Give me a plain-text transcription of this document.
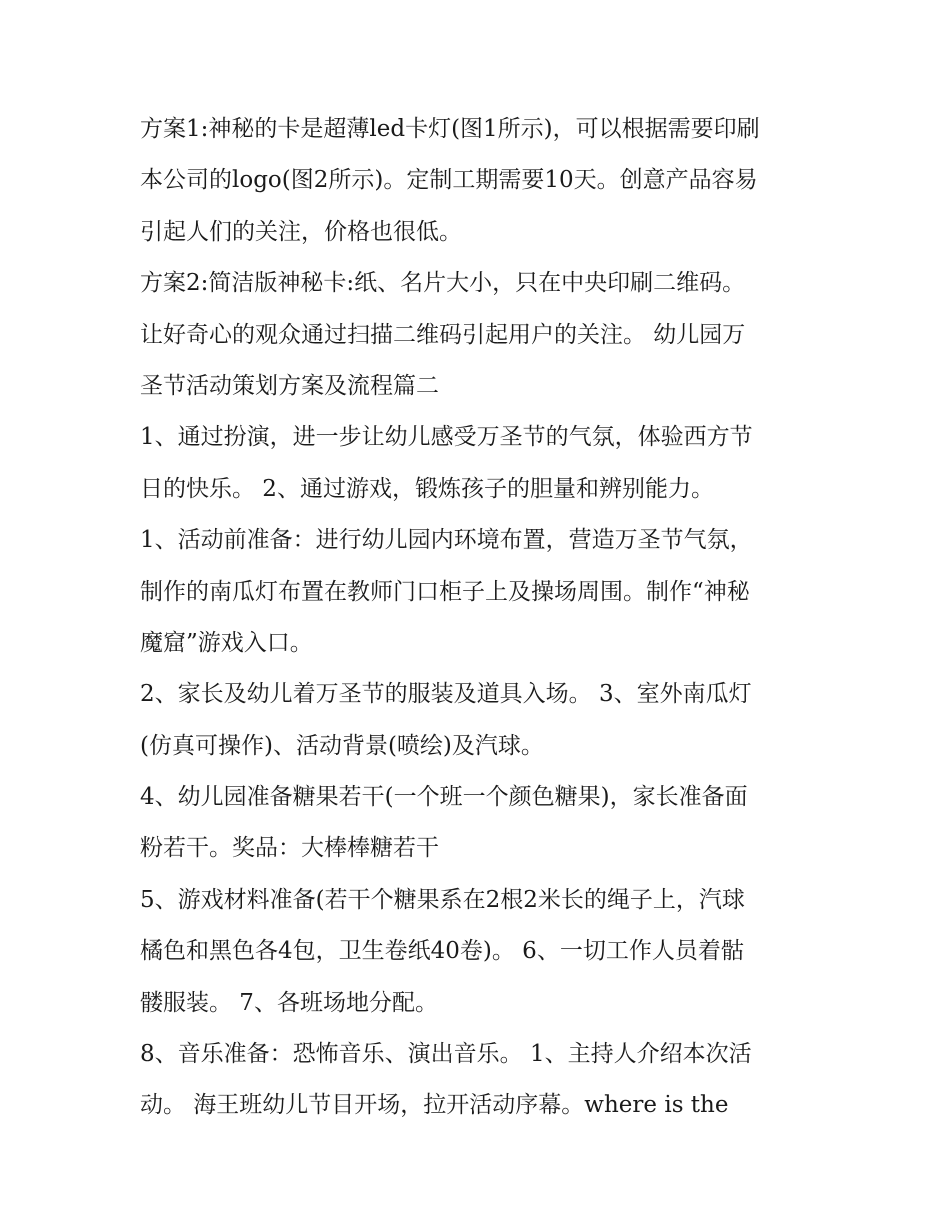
方案1:神秘的卡是超薄led卡灯(图1所示)，可以根据需要印刷
本公司的logo(图2所示)。定制工期需要10天。创意产品容易
引起人们的关注，价格也很低。
方案2:简洁版神秘卡:纸、名片大小，只在中央印刷二维码。
让好奇心的观众通过扫描二维码引起用户的关注。 幼儿园万
圣节活动策划方案及流程篇二
1、通过扮演，进一步让幼儿感受万圣节的气氛，体验西方节
日的快乐。 2、通过游戏，锻炼孩子的胆量和辨别能力。
1、活动前准备：进行幼儿园内环境布置，营造万圣节气氛，
制作的南瓜灯布置在教师门口柜子上及操场周围。制作“神秘
魔窟”游戏入口。
2、家长及幼儿着万圣节的服装及道具入场。 3、室外南瓜灯
(仿真可操作)、活动背景(喷绘)及汽球。
4、幼儿园准备糖果若干(一个班一个颜色糖果)，家长准备面
粉若干。奖品：大棒棒糖若干
5、游戏材料准备(若干个糖果系在2根2米长的绳子上，汽球
橘色和黑色各4包，卫生卷纸40卷)。 6、一切工作人员着骷
髅服装。 7、各班场地分配。
8、音乐准备：恐怖音乐、演出音乐。 1、主持人介绍本次活
动。 海王班幼儿节目开场，拉开活动序幕。where is the
